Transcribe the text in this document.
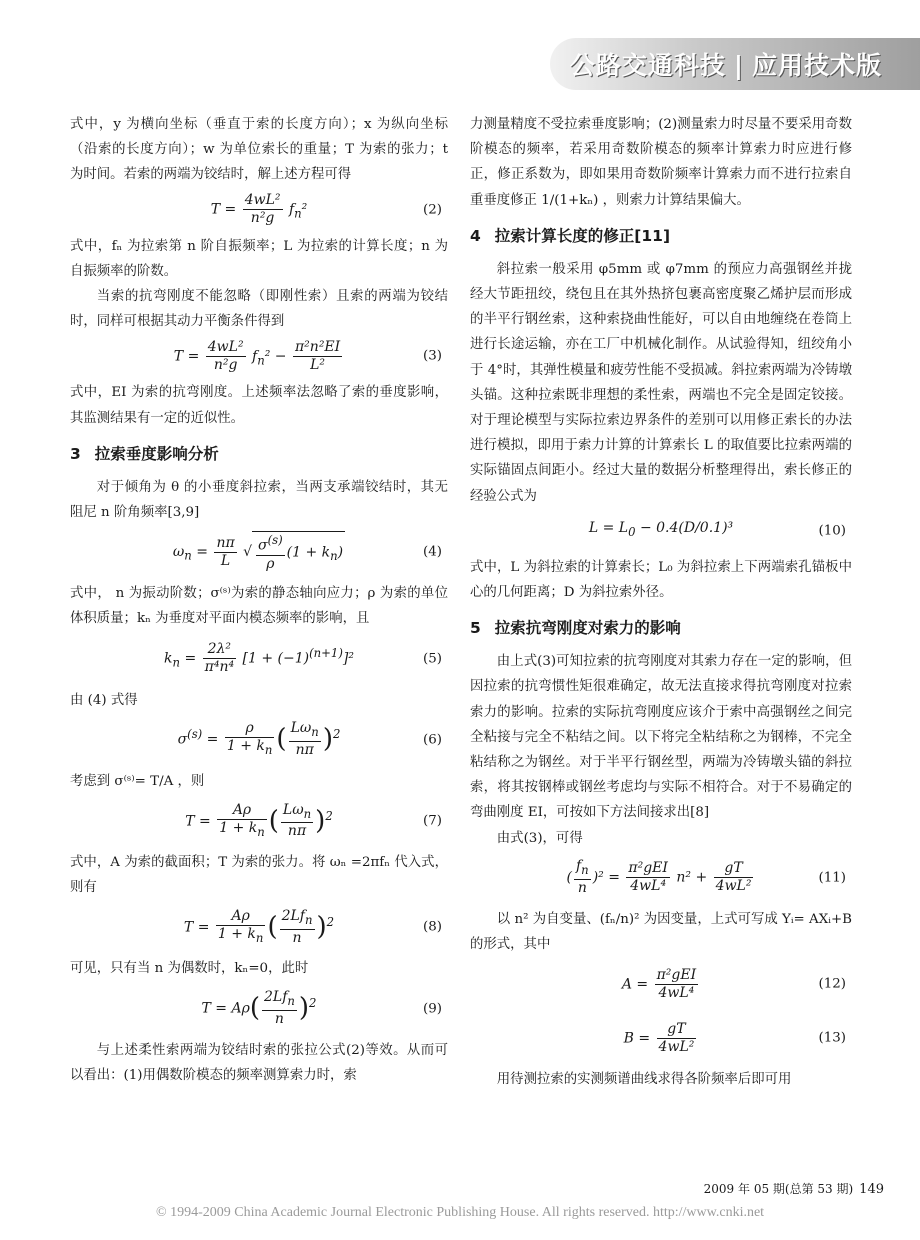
公路交通科技 | 应用技术版

式中，y 为横向坐标（垂直于索的长度方向）；x 为纵向坐标（沿索的长度方向）；w 为单位索长的重量；T 为索的张力；t 为时间。若索的两端为铰结时，解上述方程可得

$T = \frac{\text{4wL²}}{\text{n²g}} f_n^2$	(2)

式中，fₙ 为拉索第 n 阶自振频率；L 为拉索的计算长度；n 为自振频率的阶数。

当索的抗弯刚度不能忽略（即刚性索）且索的两端为铰结时，同样可根据其动力平衡条件得到

$T = \frac{\text{4wL²}}{\text{n²g}} f_n^2 - \frac{\text{π²n²EI}}{\text{L²}}$	(3)

式中，EI 为索的抗弯刚度。上述频率法忽略了索的垂度影响，其监测结果有一定的近似性。

3 拉索垂度影响分析

对于倾角为 θ 的小垂度斜拉索，当两支承端铰结时，其无阻尼 n 阶角频率[3,9]

$\omega_n = \frac{n\pi}{L}$ √ $\frac{\sigma^{(s)}}{\rho} (1 + k_n)$	(4)

式中， n 为振动阶数；σ⁽ˢ⁾为索的静态轴向应力；ρ 为索的单位体积质量；kₙ 为垂度对平面内模态频率的影响，且

$k_n = \frac{\text{2λ²}}{\text{π⁴n⁴}} [1 + (-1)^{(n+1)}]^2$	(5)

由 (4) 式得

$\sigma^{(s)} = \frac{\rho}{1 + k_n}$ ( $\frac{L\omega_n}{n\pi} )^2$	(6)

考虑到 σ⁽ˢ⁾= T/A ，则

$T = \frac{A\rho}{1 + k_n}$ ( $\frac{L\omega_n}{n\pi} )^2$	(7)

式中，A 为索的截面积；T 为索的张力。将 ωₙ =2πfₙ 代入式，则有

$T = \frac{A\rho}{1 + k_n}$ ( $\frac{2Lf_n}{n} )^2$	(8)

可见，只有当 n 为偶数时，kₙ=0，此时

$T = A\rho( \frac{2Lf_n}{n} )^2$	(9)

与上述柔性索两端为铰结时索的张拉公式(2)等效。从而可以看出：(1)用偶数阶模态的频率测算索力时，索

力测量精度不受拉索垂度影响；(2)测量索力时尽量不要采用奇数阶模态的频率，若采用奇数阶模态的频率计算索力时应进行修正，修正系数为，即如果用奇数阶频率计算索力而不进行拉索自重垂度修正 1/(1+kₙ) ，则索力计算结果偏大。

4 拉索计算长度的修正[11]

斜拉索一般采用 φ5mm 或 φ7mm 的预应力高强钢丝并拢经大节距扭绞，绕包且在其外热挤包裹高密度聚乙烯护层而形成的半平行钢丝索，这种索挠曲性能好，可以自由地缠绕在卷筒上进行长途运输，亦在工厂中机械化制作。从试验得知，纽绞角小于 4°时，其弹性模量和疲劳性能不受损减。斜拉索两端为冷铸墩头锚。这种拉索既非理想的柔性索，两端也不完全是固定铰接。对于理论模型与实际拉索边界条件的差别可以用修正索长的办法进行模拟，即用于索力计算的计算索长 L 的取值要比拉索两端的实际锚固点间距小。经过大量的数据分析整理得出，索长修正的经验公式为

$L = L_0 - 0.4(D/0.1)^3$	(10)

式中，L 为斜拉索的计算索长；L₀ 为斜拉索上下两端索孔锚板中心的几何距离；D 为斜拉索外径。

5 拉索抗弯刚度对索力的影响

由上式(3)可知拉索的抗弯刚度对其索力存在一定的影响，但因拉索的抗弯惯性矩很难确定，故无法直接求得抗弯刚度对拉索索力的影响。拉索的实际抗弯刚度应该介于索中高强钢丝之间完全粘接与完全不粘结之间。以下将完全粘结称之为钢棒，不完全粘结称之为钢丝。对于半平行钢丝型，两端为冷铸墩头锚的斜拉索，将其按钢棒或钢丝考虑均与实际不相符合。对于不易确定的弯曲刚度 EI，可按如下方法间接求出[8]

由式(3)，可得

( $\frac{f_n}{n} )^2 = \frac{\text{π²gEI}}{\text{4wL⁴}} n^2 + \frac{gT}{\text{4wL²}}$	(11)

以 n² 为自变量、(fₙ/n)² 为因变量，上式可写成 Yᵢ= AXᵢ+B 的形式，其中

$A = \frac{\text{π²gEI}}{\text{4wL⁴}}$	(12)
$B = \frac{gT}{\text{4wL²}}$	(13)

用待测拉索的实测频谱曲线求得各阶频率后即可用

2009 年 05 期(总第 53 期) 149
© 1994-2009 China Academic Journal Electronic Publishing House. All rights reserved. http://www.cnki.net
